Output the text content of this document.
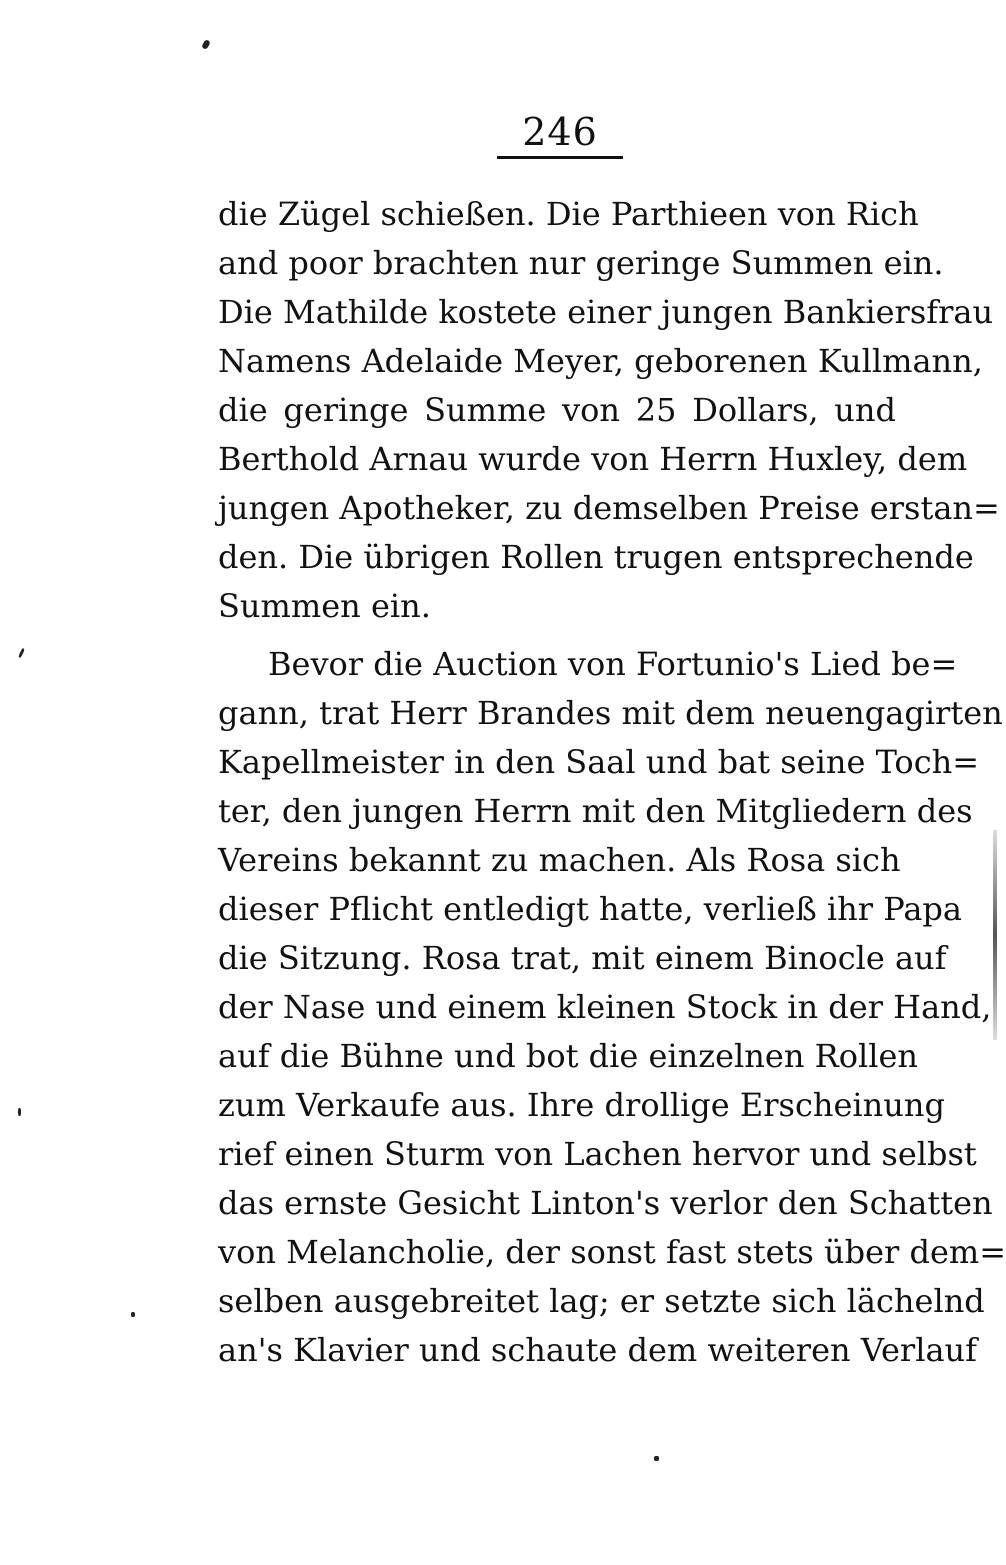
246
die Zügel schießen. Die Parthieen von Rich
and poor brachten nur geringe Summen ein.
Die Mathilde kostete einer jungen Bankiersfrau
Namens Adelaide Meyer, geborenen Kullmann,
die geringe Summe von 25 Dollars, und
Berthold Arnau wurde von Herrn Huxley, dem
jungen Apotheker, zu demselben Preise erstan=
den. Die übrigen Rollen trugen entsprechende
Summen ein.
Bevor die Auction von Fortunio's Lied be=
gann, trat Herr Brandes mit dem neuengagirten
Kapellmeister in den Saal und bat seine Toch=
ter, den jungen Herrn mit den Mitgliedern des
Vereins bekannt zu machen. Als Rosa sich
dieser Pflicht entledigt hatte, verließ ihr Papa
die Sitzung. Rosa trat, mit einem Binocle auf
der Nase und einem kleinen Stock in der Hand,
auf die Bühne und bot die einzelnen Rollen
zum Verkaufe aus. Ihre drollige Erscheinung
rief einen Sturm von Lachen hervor und selbst
das ernste Gesicht Linton's verlor den Schatten
von Melancholie, der sonst fast stets über dem=
selben ausgebreitet lag; er setzte sich lächelnd
an's Klavier und schaute dem weiteren Verlauf
